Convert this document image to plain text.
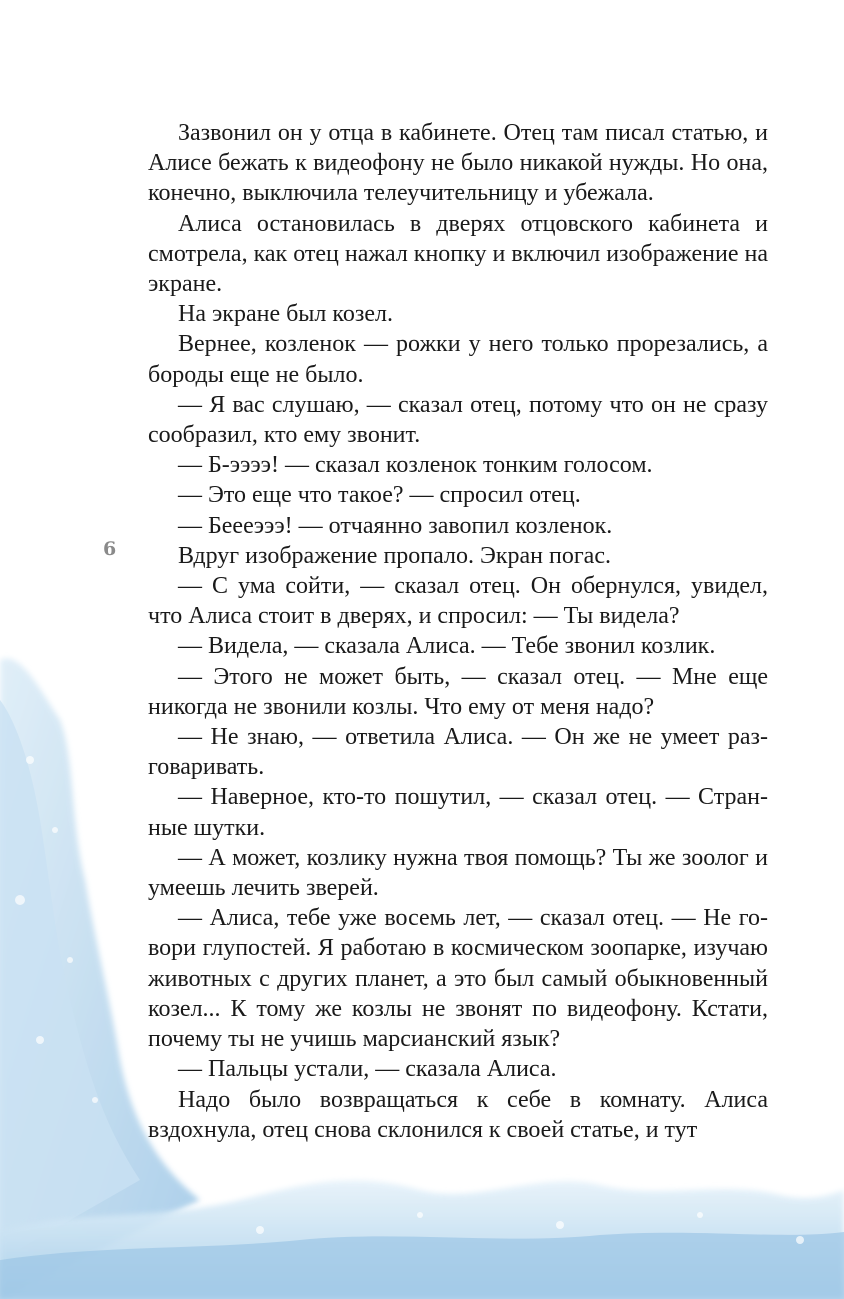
6

Зазвонил он у отца в кабинете. Отец там писал статью, и Алисе бежать к видеофону не было никакой нужды. Но она, конечно, выключила телеучительницу и убежала.

Алиса остановилась в дверях отцовского кабинета и смотрела, как отец нажал кнопку и включил изображение на экране.

На экране был козел.

Вернее, козленок — рожки у него только прорезались, а бороды еще не было.

— Я вас слушаю, — сказал отец, потому что он не сразу сообразил, кто ему звонит.

— Б-ээээ! — сказал козленок тонким голосом.

— Это еще что такое? — спросил отец.

— Беееэээ! — отчаянно завопил козленок.

Вдруг изображение пропало. Экран погас.

— С ума сойти, — сказал отец. Он обернулся, увидел, что Алиса стоит в дверях, и спросил: — Ты видела?

— Видела, — сказала Алиса. — Тебе звонил козлик.

— Этого не может быть, — сказал отец. — Мне еще никогда не звонили козлы. Что ему от меня надо?

— Не знаю, — ответила Алиса. — Он же не умеет разговаривать.

— Наверное, кто-то пошутил, — сказал отец. — Странные шутки.

— А может, козлику нужна твоя помощь? Ты же зоолог и умеешь лечить зверей.

— Алиса, тебе уже восемь лет, — сказал отец. — Не говори глупостей. Я работаю в космическом зоопарке, изучаю животных с других планет, а это был самый обыкновенный козел... К тому же козлы не звонят по видеофону. Кстати, почему ты не учишь марсианский язык?

— Пальцы устали, — сказала Алиса.

Надо было возвращаться к себе в комнату. Алиса вздохнула, отец снова склонился к своей статье, и тут
